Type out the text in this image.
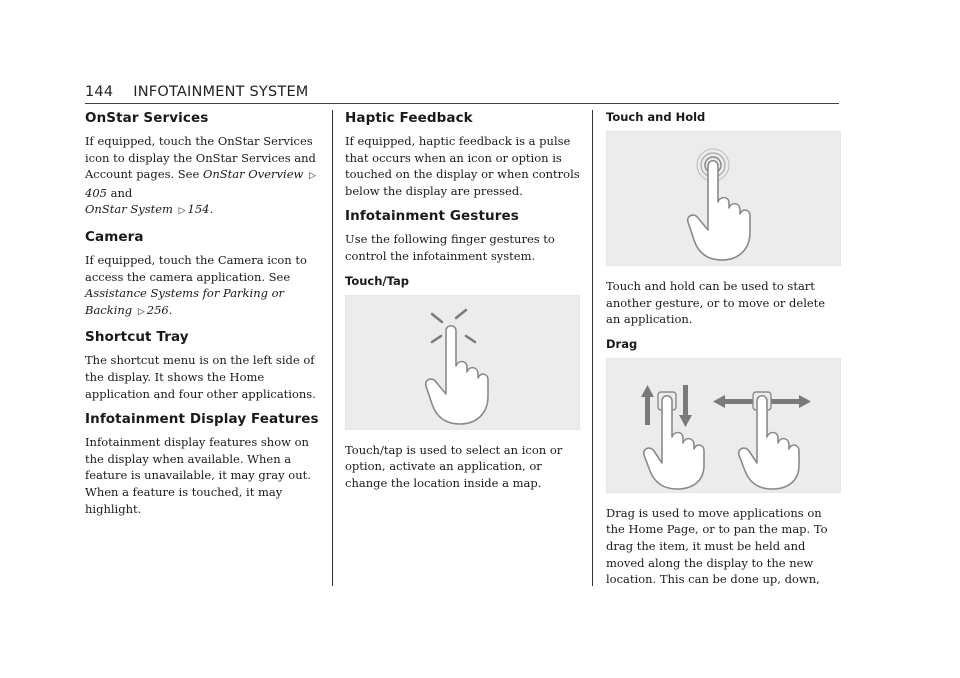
144 INFOTAINMENT SYSTEM
OnStar Services

If equipped, touch the OnStar Services icon to display the OnStar Services and Account pages. See OnStar Overview ▷405 and
OnStar System ▷ 154.

Camera

If equipped, touch the Camera icon to access the camera application. See Assistance Systems for Parking or Backing ▷ 256.

Shortcut Tray

The shortcut menu is on the left side of the display. It shows the Home application and four other applications.

Infotainment Display Features

Infotainment display features show on the display when available. When a feature is unavailable, it may gray out. When a feature is touched, it may highlight.

Haptic Feedback

If equipped, haptic feedback is a pulse that occurs when an icon or option is touched on the display or when controls below the display are pressed.

Infotainment Gestures

Use the following finger gestures to control the infotainment system.

Touch/Tap

Touch/tap is used to select an icon or option, activate an application, or change the location inside a map.

Touch and Hold

Touch and hold can be used to start another gesture, or to move or delete an application.

Drag

Drag is used to move applications on the Home Page, or to pan the map. To drag the item, it must be held and moved along the display to the new location. This can be done up, down,
